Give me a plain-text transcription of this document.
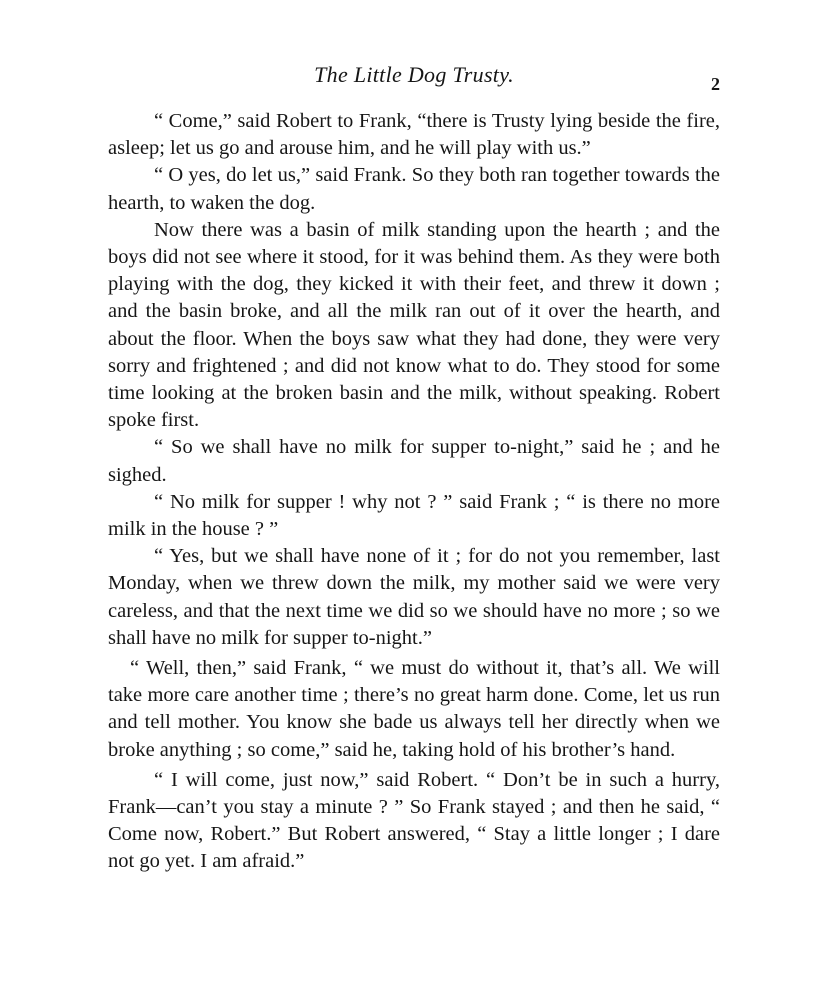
The Little Dog Trusty.	2

“ Come,” said Robert to Frank, “there is Trusty lying beside the fire, asleep; let us go and arouse him, and he will play with us.”

“ O yes, do let us,” said Frank. So they both ran together towards the hearth, to waken the dog.

Now there was a basin of milk standing upon the hearth ; and the boys did not see where it stood, for it was behind them. As they were both playing with the dog, they kicked it with their feet, and threw it down ; and the basin broke, and all the milk ran out of it over the hearth, and about the floor. When the boys saw what they had done, they were very sorry and frightened ; and did not know what to do. They stood for some time looking at the broken basin and the milk, without speaking. Robert spoke first.

“ So we shall have no milk for supper to-night,” said he ; and he sighed.

“ No milk for supper ! why not ? ” said Frank ; “ is there no more milk in the house ? ”

“ Yes, but we shall have none of it ; for do not you remember, last Monday, when we threw down the milk, my mother said we were very careless, and that the next time we did so we should have no more ; so we shall have no milk for supper to-night.”

“ Well, then,” said Frank, “ we must do without it, that’s all. We will take more care another time ; there’s no great harm done. Come, let us run and tell mother. You know she bade us always tell her directly when we broke anything ; so come,” said he, taking hold of his brother’s hand.

“ I will come, just now,” said Robert. “ Don’t be in such a hurry, Frank—can’t you stay a minute ? ” So Frank stayed ; and then he said, “ Come now, Robert.” But Robert answered, “ Stay a little longer ; I dare not go yet. I am afraid.”
